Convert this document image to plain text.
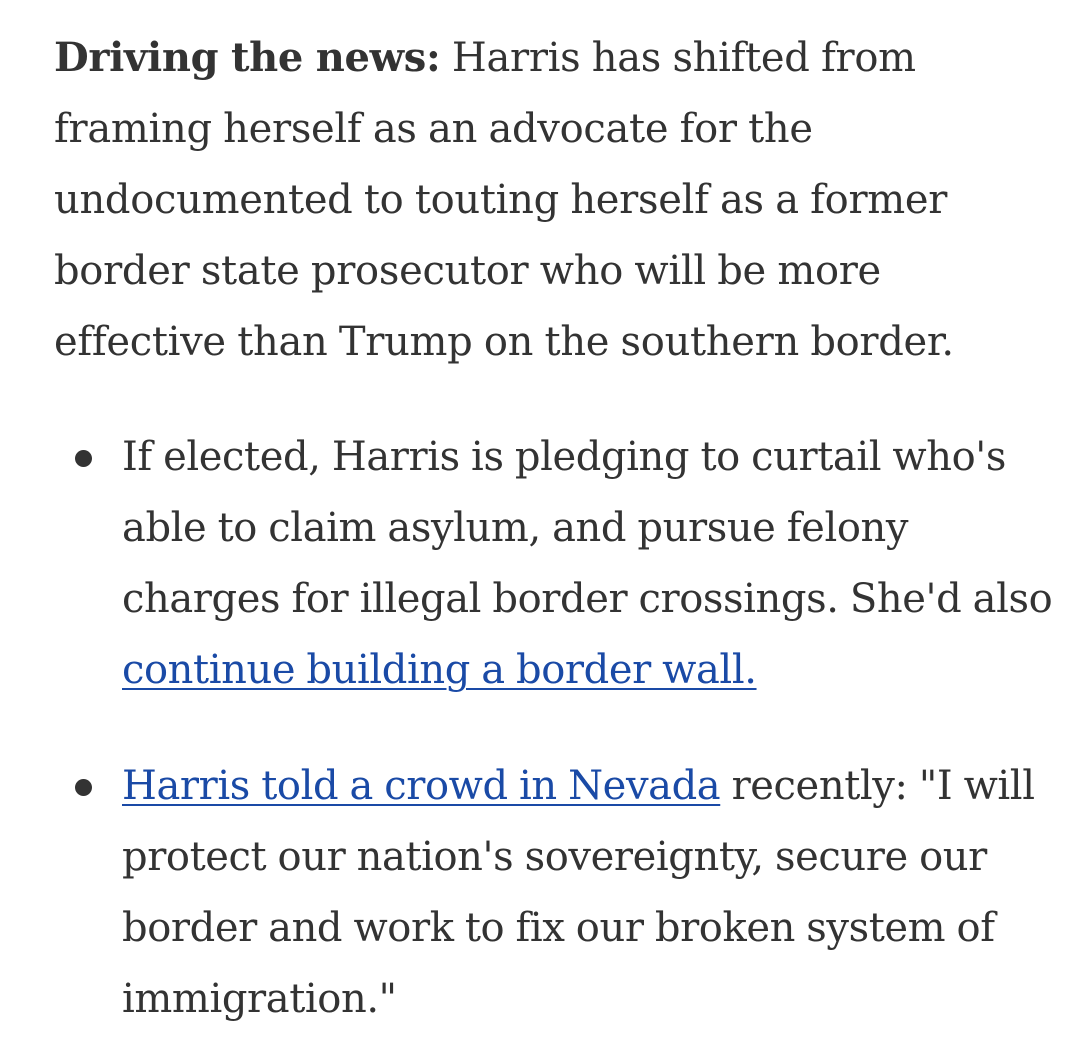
Driving the news: Harris has shifted from framing herself as an advocate for the undocumented to touting herself as a former border state prosecutor who will be more effective than Trump on the southern border.

If elected, Harris is pledging to curtail who's able to claim asylum, and pursue felony charges for illegal border crossings. She'd also continue building a border wall.
Harris told a crowd in Nevada recently: "I will protect our nation's sovereignty, secure our border and work to fix our broken system of immigration."
